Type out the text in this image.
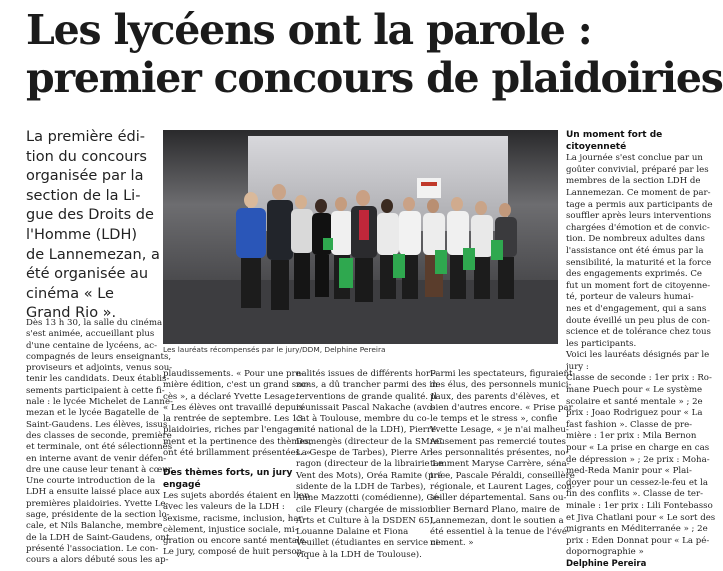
Les lycéens ont la parole :
premier concours de plaidoiries
La première édi-
tion du concours
organisée par la
section de la Li-
gue des Droits de
l'Homme (LDH)
de Lannemezan, a
été organisée au
cinéma « Le
Grand Rio ».
Les lauréats récompensés par le jury/DDM, Delphine Pereira
Dès 13 h 30, la salle du cinéma
s'est animée, accueillant plus
d'une centaine de lycéens, ac-
compagnés de leurs enseignants,
proviseurs et adjoints, venus sou-
tenir les candidats. Deux établis-
sements participaient à cette fi-
nale : le lycée Michelet de Lanne-
mezan et le lycée Bagatelle de
Saint-Gaudens. Les élèves, issus
des classes de seconde, première
et terminale, ont été sélectionnés
en interne avant de venir défen-
dre une cause leur tenant à cœur.
Une courte introduction de la
LDH a ensuite laissé place aux
premières plaidoiries. Yvette Le-
sage, présidente de la section lo-
cale, et Nils Balanche, membre
de la LDH de Saint-Gaudens, ont
présenté l'association. Le con-
cours a alors débuté sous les ap-
plaudissements. « Pour une pre-
mière édition, c'est un grand suc-
cès », a déclaré Yvette Lesage.
« Les élèves ont travaillé depuis
la rentrée de septembre. Les 13
plaidoiries, riches par l'engage-
ment et la pertinence des thèmes,
ont été brillamment présentées. »
Des thèmes forts, un jury
engagé
Les sujets abordés étaient en lien
avec les valeurs de la LDH :
sexisme, racisme, inclusion, har-
cèlement, injustice sociale, mi-
gration ou encore santé mentale.
Le jury, composé de huit person-
nalités issues de différents hori-
zons, a dû trancher parmi des in-
terventions de grande qualité. Il
réunissait Pascal Nakache (avo-
cat à Toulouse, membre du co-
mité national de la LDH), Pierre
Domengès (directeur de la SMAC
La Gespe de Tarbes), Pierre Ar-
ragon (directeur de la librairie Le
Vent des Mots), Oréa Ramite (pré-
sidente de la LDH de Tarbes),
Anne Mazzotti (comédienne), Cé-
cile Fleury (chargée de mission
Arts et Culture à la DSDEN 65),
Louanne Dalaine et Fiona
Veuillet (étudiantes en service ci-
vique à la LDH de Toulouse).
Parmi les spectateurs, figuraient
des élus, des personnels munici-
paux, des parents d'élèves, et
bien d'autres encore. « Prise par
le temps et le stress », confie
Yvette Lesage, « je n'ai malheu-
reusement pas remercié toutes
les personnalités présentes, no-
tamment Maryse Carrère, séna-
trice, Pascale Péraldi, conseillère
régionale, et Laurent Lages, con-
seiller départemental. Sans ou-
blier Bernard Plano, maire de
Lannemezan, dont le soutien a
été essentiel à la tenue de l'évé-
nement. »
Un moment fort de
citoyenneté
La journée s'est conclue par un
goûter convivial, préparé par les
membres de la section LDH de
Lannemezan. Ce moment de par-
tage a permis aux participants de
souffler après leurs interventions
chargées d'émotion et de convic-
tion. De nombreux adultes dans
l'assistance ont été émus par la
sensibilité, la maturité et la force
des engagements exprimés. Ce
fut un moment fort de citoyenne-
té, porteur de valeurs humai-
nes et d'engagement, qui a sans
doute éveillé un peu plus de con-
science et de tolérance chez tous
les participants.
Voici les lauréats désignés par le
jury :
Classe de seconde : 1er prix : Ro-
mane Puech pour « Le système
scolaire et santé mentale » ; 2e
prix : Joao Rodriguez pour « La
fast fashion ». Classe de pre-
mière : 1er prix : Mila Bernon
pour « La prise en charge en cas
de dépression » ; 2e prix : Moha-
med-Reda Manir pour « Plai-
doyer pour un cessez-le-feu et la
fin des conflits ». Classe de ter-
minale : 1er prix : Lili Fontebasso
et Jiva Chatlani pour « Le sort des
migrants en Méditerranée » ; 2e
prix : Eden Donnat pour « La pé-
dopornographie »
Delphine Pereira
